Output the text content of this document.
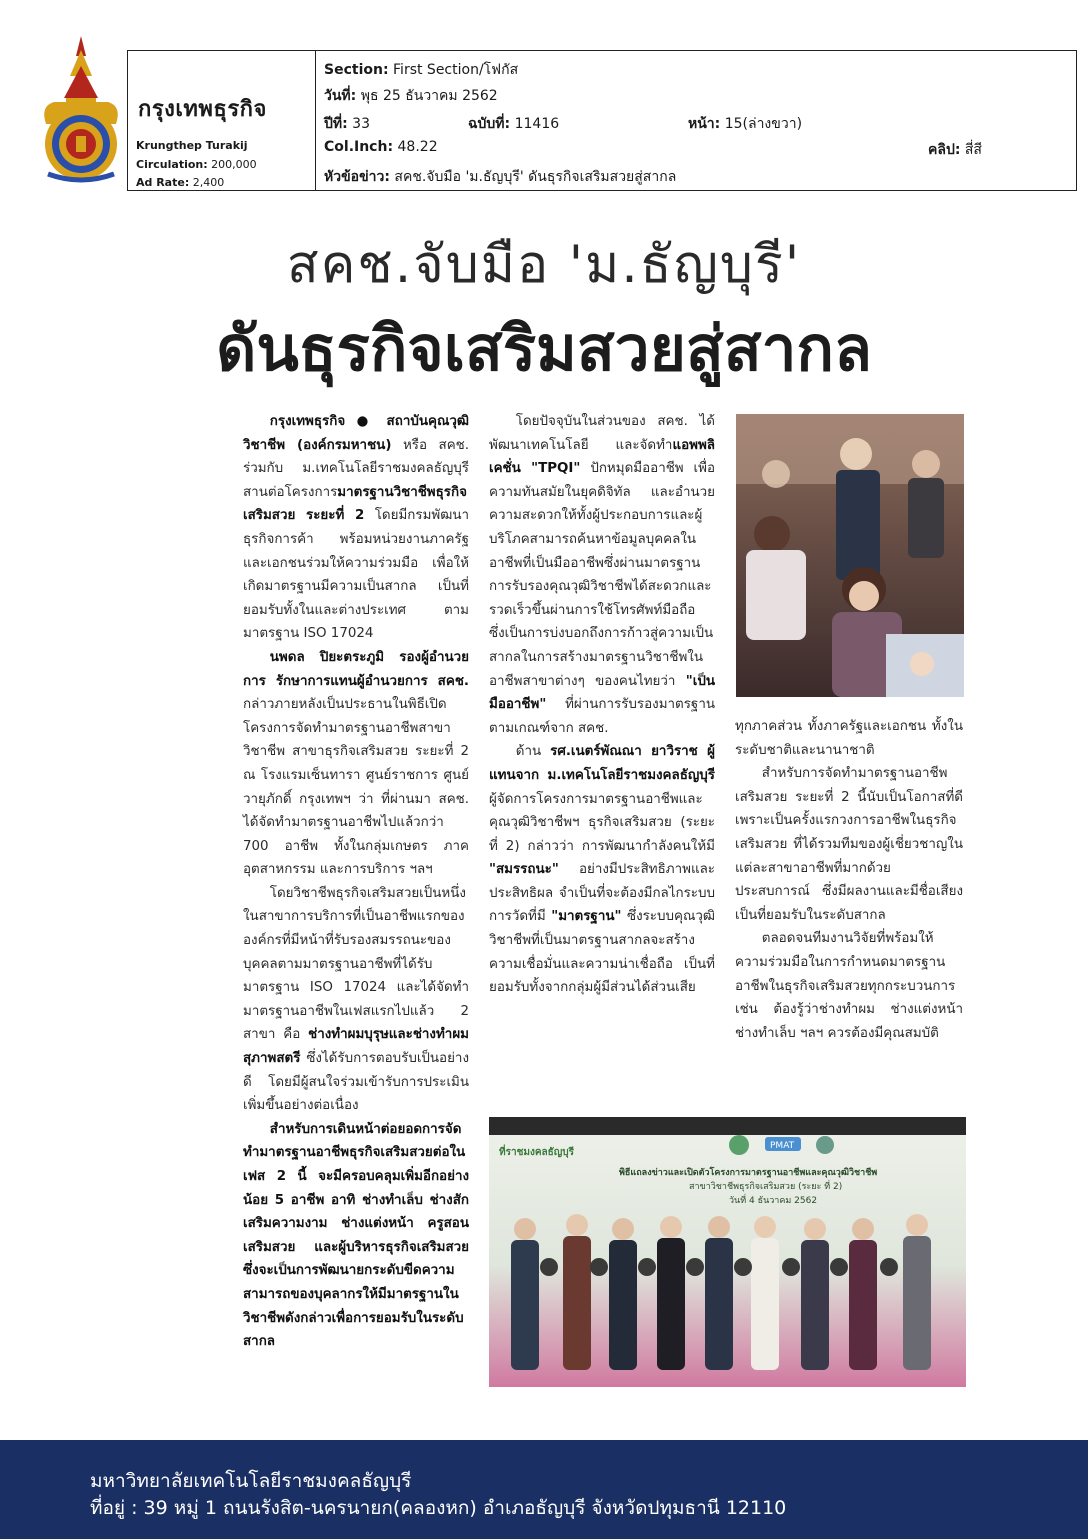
กรุงเทพธุรกิจ
Krungthep Turakij
Circulation: 200,000
Ad Rate: 2,400
Section: First Section/โฟกัส
วันที่: พุธ 25 ธันวาคม 2562
ปีที่: 33	ฉบับที่: 11416	หน้า: 15(ล่างขวา)
Col.Inch: 48.22	คลิป: สี่สี
หัวข้อข่าว: สคช.จับมือ 'ม.ธัญบุรี' ดันธุรกิจเสริมสวยสู่สากล
สคช.จับมือ 'ม.ธัญบุรี'
ดันธุรกิจเสริมสวยสู่สากล

  กรุงเทพธุรกิจ ● สถาบันคุณวุฒิวิชาชีพ (องค์กรมหาชน) หรือ สคช. ร่วมกับ ม.เทคโนโลยีราชมงคลธัญบุรี สานต่อโครงการมาตรฐานวิชาชีพธุรกิจเสริมสวย ระยะที่ 2 โดยมีกรมพัฒนาธุรกิจการค้า พร้อมหน่วยงานภาครัฐและเอกชนร่วมให้ความร่วมมือ เพื่อให้เกิดมาตรฐานมีความเป็นสากล เป็นที่ยอมรับทั้งในและต่างประเทศ ตามมาตรฐาน ISO 17024

  นพดล ปิยะตระภูมิ รองผู้อำนวยการ รักษาการแทนผู้อำนวยการ สคช. กล่าวภายหลังเป็นประธานในพิธีเปิดโครงการจัดทำมาตรฐานอาชีพสาขาวิชาชีพ สาขาธุรกิจเสริมสวย ระยะที่ 2 ณ โรงแรมเซ็นทารา ศูนย์ราชการ ศูนย์วายุภักดิ์ กรุงเทพฯ ว่า ที่ผ่านมา สคช. ได้จัดทำมาตรฐานอาชีพไปแล้วกว่า 700 อาชีพ ทั้งในกลุ่มเกษตร ภาคอุตสาหกรรม และการบริการ ฯลฯ

  โดยวิชาชีพธุรกิจเสริมสวยเป็นหนึ่งในสาขาการบริการที่เป็นอาชีพแรกขององค์กรที่มีหน้าที่รับรองสมรรถนะของบุคคลตามมาตรฐานอาชีพที่ได้รับมาตรฐาน ISO 17024 และได้จัดทำมาตรฐานอาชีพในเฟสแรกไปแล้ว 2 สาขา คือ ช่างทำผมบุรุษและช่างทำผมสุภาพสตรี ซึ่งได้รับการตอบรับเป็นอย่างดี โดยมีผู้สนใจร่วมเข้ารับการประเมินเพิ่มขึ้นอย่างต่อเนื่อง

  สำหรับการเดินหน้าต่อยอดการจัดทำมาตรฐานอาชีพธุรกิจเสริมสวยต่อในเฟส 2 นี้ จะมีครอบคลุมเพิ่มอีกอย่างน้อย 5 อาชีพ อาทิ ช่างทำเล็บ ช่างสักเสริมความงาม ช่างแต่งหน้า ครูสอนเสริมสวย และผู้บริหารธุรกิจเสริมสวย ซึ่งจะเป็นการพัฒนายกระดับขีดความสามารถของบุคลากรให้มีมาตรฐานในวิชาชีพดังกล่าวเพื่อการยอมรับในระดับสากล

  โดยปัจจุบันในส่วนของ สคช. ได้พัฒนาเทคโนโลยี และจัดทำแอพพลิเคชั่น "TPQI" ปักหมุดมืออาชีพ เพื่อความทันสมัยในยุคดิจิทัล และอำนวยความสะดวกให้ทั้งผู้ประกอบการและผู้บริโภคสามารถค้นหาข้อมูลบุคคลในอาชีพที่เป็นมืออาชีพซึ่งผ่านมาตรฐานการรับรองคุณวุฒิวิชาชีพได้สะดวกและรวดเร็วขึ้นผ่านการใช้โทรศัพท์มือถือ ซึ่งเป็นการบ่งบอกถึงการก้าวสู่ความเป็นสากลในการสร้างมาตรฐานวิชาชีพในอาชีพสาขาต่างๆ ของคนไทยว่า "เป็นมืออาชีพ" ที่ผ่านการรับรองมาตรฐานตามเกณฑ์จาก สคช.

  ด้าน รศ.เนตร์พัณณา ยาวิราช ผู้แทนจาก ม.เทคโนโลยีราชมงคลธัญบุรี ผู้จัดการโครงการมาตรฐานอาชีพและคุณวุฒิวิชาชีพฯ ธุรกิจเสริมสวย (ระยะที่ 2) กล่าวว่า การพัฒนากำลังคนให้มี "สมรรถนะ" อย่างมีประสิทธิภาพและประสิทธิผล จำเป็นที่จะต้องมีกลไกระบบการวัดที่มี "มาตรฐาน" ซึ่งระบบคุณวุฒิวิชาชีพที่เป็นมาตรฐานสากลจะสร้างความเชื่อมั่นและความน่าเชื่อถือ เป็นที่ยอมรับทั้งจากกลุ่มผู้มีส่วนได้ส่วนเสีย

ทุกภาคส่วน ทั้งภาครัฐและเอกชน ทั้งในระดับชาติและนานาชาติ

  สำหรับการจัดทำมาตรฐานอาชีพเสริมสวย ระยะที่ 2 นี้นับเป็นโอกาสที่ดีเพราะเป็นครั้งแรกวงการอาชีพในธุรกิจเสริมสวย ที่ได้รวมทีมของผู้เชี่ยวชาญในแต่ละสาขาอาชีพที่มากด้วยประสบการณ์ ซึ่งมีผลงานและมีชื่อเสียงเป็นที่ยอมรับในระดับสากล

  ตลอดจนทีมงานวิจัยที่พร้อมให้ความร่วมมือในการกำหนดมาตรฐานอาชีพในธุรกิจเสริมสวยทุกกระบวนการ เช่น ต้องรู้ว่าช่างทำผม ช่างแต่งหน้า ช่างทำเล็บ ฯลฯ ควรต้องมีคุณสมบัติ

ที่ราชมงคลธัญบุรี
PMAT
พิธีแถลงข่าวและเปิดตัวโครงการมาตรฐานอาชีพและคุณวุฒิวิชาชีพ
สาขาวิชาชีพธุรกิจเสริมสวย (ระยะ ที่ 2)
วันที่ 4 ธันวาคม 2562
มหาวิทยาลัยเทคโนโลยีราชมงคลธัญบุรี
ที่อยู่ : 39 หมู่ 1 ถนนรังสิต-นครนายก(คลองหก) อำเภอธัญบุรี จังหวัดปทุมธานี 12110
